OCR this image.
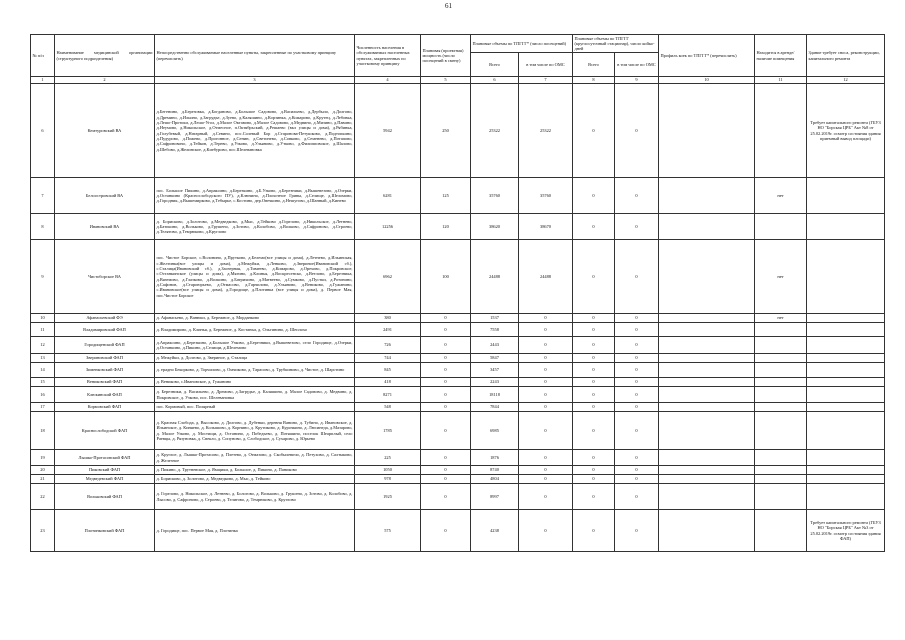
61
№ п/п	Наименование медицинской организации (структурного подразделения)	Непосредственно обслуживаемые населенные пункты, закрепленные по участковому принципу (перечислить)	Численность населения в обслуживаемых населенных пунктах, закрепленных по участковому принципу	Плановая (проектная) мощность (число посещений в смену)	Плановые объемы по ТПГГГ* (число посещений)		Плановые объемы по ТПГГГ (круглосуточный стационар), число койко-дней		Профиль коек по ТПГГГ* (перечислить)	Находится в аренде/наличие помещения	Здание требует сноса, реконструкции, капитального ремонта
					Всего	в том числе по ОМС	Всего	в том числе по ОМС			
1	2	3	4	5	6	7	8	9	10	11	12
6	Кемтуровский ВА	д.Бегенино, д.Березовка, д.Богданово, д.Большое Садовово, д.Васильево, д.Дербыло, д.Долгово, д.Дремино, д.Ильино, д.Загрудье, д.Зуево, д.Каляшино, д.Корзинка, д.Кожарово, д.Крутец, д.Лебовка, д.Лешо-Протоки, д.Лешо-Угол, д.Малое Октавово, д.Малое Садовово, д.Медвино, д.Мизино, д.Павино, д.Неумово, д.Никольское, д.Отмесное, п.Октябрьский, д.Решаево (вкл улицы и дома), д.Рябинка, д.Голубевый, д.Натарный, д.Севино, пос.Солевый Бор д.Старонова-Петушково, д.Подтопкино, д.Пудурово, д.Пожево, д.Прогонное, д.Сенин, д.Светонево, д.Совково, д.Семенево, д.Потапово, д.Сафроновичо, д.Тейков, д.Терево, д.Узково, д.Ульяново, д.Утково, д.Филипповское, д.Шалово, д.Шебово, д.Желинское, д.Киебурово, пос.Шелевановка	5942	250	25322	25322	0	0			Требует капитального ремонта (ГБУЗ НО "Борская ЦРБ" Акт №8 от 25.02.2019г. осмотр состояния здания приемный вывод площади)
7	Белоостровский ВА	пос. Большое Пикино, д.Апраксино, д.Березкино, д.Б.Узково, д.Березники, д.Вышевезово, д.Озерки, д.Останкино (Краснослободского ПУ), д.Ключино, д.Плохотное Гривы, д.Селище, д.Шеломово, д.Городник, д.Вышемирково, д.Тебырье, с.Костино, дер.Овечкино, д.Нешугово, д.Шанный, д.Кинево	6281	125	35760	35760	0	0		нет	
8	Ивановский ВА	д. Борисково, д.Золотово, д.Медведково, д.Мыс, д.Тейково д.Горелово, д.Никольское, д.Летнево, д.Батокино, д.Вольково, д.Грушено, д.Зотово, д.Колобово, д.Волково, д.Сафроново, д.Строево, д.Телятово, д.Темрюково, д.Круглово	12256	120	38620	38670	0	0			
9	Чистоборское ВА	пос. Чистое Борское, с.Волонино, д.Прутково, д.Белемо(все улицы и дома), д.Летнево, д.Ильинская, с.Желтинка(все улицы и дома), д.Межуйки, д.Ленково, д.Звериное(Ивановский сб.), с.Сталица(Ивановский сб.), д.Заозерная, д.Тимеево, д.Комарово, д.Орехово, д.Покровское, с.Останкинское (улицы и дома), д.Мягино, д.Клинья, д.Воскресенско, д.Ветлово, д.Березника, д.Вяземово, д.Глазково, д.Волкино, д.Батрихино, д.Матвеево, д.Сумково, д.Пустки, д.Ротонино, д.Сафонов, д.Староюрьево, д.Отмасово, д.Гарчилово, д.Ульяново, д.Вениково, д.Гужанино, с.Ивановское(все улицы и дома), д.Городище, д.Плотинка (все улицы и дома), д. Первое Мая, пос.Чистое Борское	6962	100	24488	24488	0	0		нет	
10	Афанасьевский ФЭ	д. Афанасьево, д. Ванюки, д. Бережное, д. Морданково	380	0	1537	0	0	0		нет	
11	Владимировский ФАП	д. Владимирово, д. Клинья, д. Бережное, д. Костаньи, д. Ольгинино, д. Шеплохо	2491	0	7558	0	0	0			
12	Городищенский ФАП	д.Апраксино, д.Березкино, д.Большое Узково, д.Березники, д.Вышевезово, село Городище, д.Озерки, д.Останкино, д.Пикино, д.Селищи, д.Шелемово	726	0	2443	0	0	0			
13	Звериновский ФАП	д. Межуйки, д. Долгово, д. Звериное, д. Сталица	744	0	5847	0	0	0			
14	Зименковский ФАП	д. ерадно Бекорково, д. Торчилово, д. Омчиково, д. Тарасово, д. Трубкиново, д. Чистое, д. Шарстино	845	0	3457	0	0	0			
15	Вениковский ФАП	д. Вениково, с.Ивановское, д. Гужанино	418	0	2243	0	0	0			
16	Клюкинский ФАП	д. Березники, д. Васильево, д. Дремово, д.Загрудье, д. Каляшино, д. Малое Садовово, д. Медвино, д. Покровское, д. Узково, пос. Шелевановка	8271	0	18118	0	0	0			
17	Кормовский ФАП	пос. Кормовый, пос. Полярный	548	0	7844	0	0	0			
18	Краснослободской ФАП	д. Красная Слобода, д. Высоково, д. Долгово, д. Дубенки, деревня Ванино, д. Тубино, д. Ивановское, д. Ильинское, д. Киняево, д. Колышово, д. Корнино, д. Крутиково, д. Курочкино, д. Люсинеда, д.Мазарово, д. Малое Узково, д. Мостищи, д. Останино, д. Победьево, д. Потяшино, поселок Шеарплый, село Раевцы, д. Рязуновка, д. Свекло, д. Сопуново, д. Слободское, д. Сухарово, д. Юрьево	1785	0	6985	0	0	0			
19	Лышко-Протасовский ФАП	д. Круглое, д. Лышко-Протасово, д. Плетево, д. Отмазово, д. Скобылевичо, д. Петухово, д. Салтыково, д. Железное	225	0	1876	0	0	0			
20	Пиковский ФАП	д. Пикино, д. Трутневское, д. Ямщики, д. Большое, д. Пикино, д. Паниково	1050	0	8740	0	0	0			
21	Медведевский ФАП	д. Борисково, д. Золотово, д. Медведково, д. Мыс, д. Тейково	978	0	4804	0	0	0			
22	Вольковский ФАП	д. Горелово, д. Никольское, д. Летнево, д. Бологово, д. Вольково, д. Грушено, д. Зотово, д. Колобово, д. Лысово, д. Сафроново, д. Строево, д. Телятово, д. Темрюково, д. Круглово	1925	0	8997	0	0	0			
23	Плотинковский ФАП	д. Городище, пос. Первое Мая, д. Плотинка	575	0	4238	0	0	0			Требует капитального ремонта (ГБУЗ НО "Борская ЦРБ" Акт №3 от 25.02.2019г. осмотр состояния здания ФАП)
